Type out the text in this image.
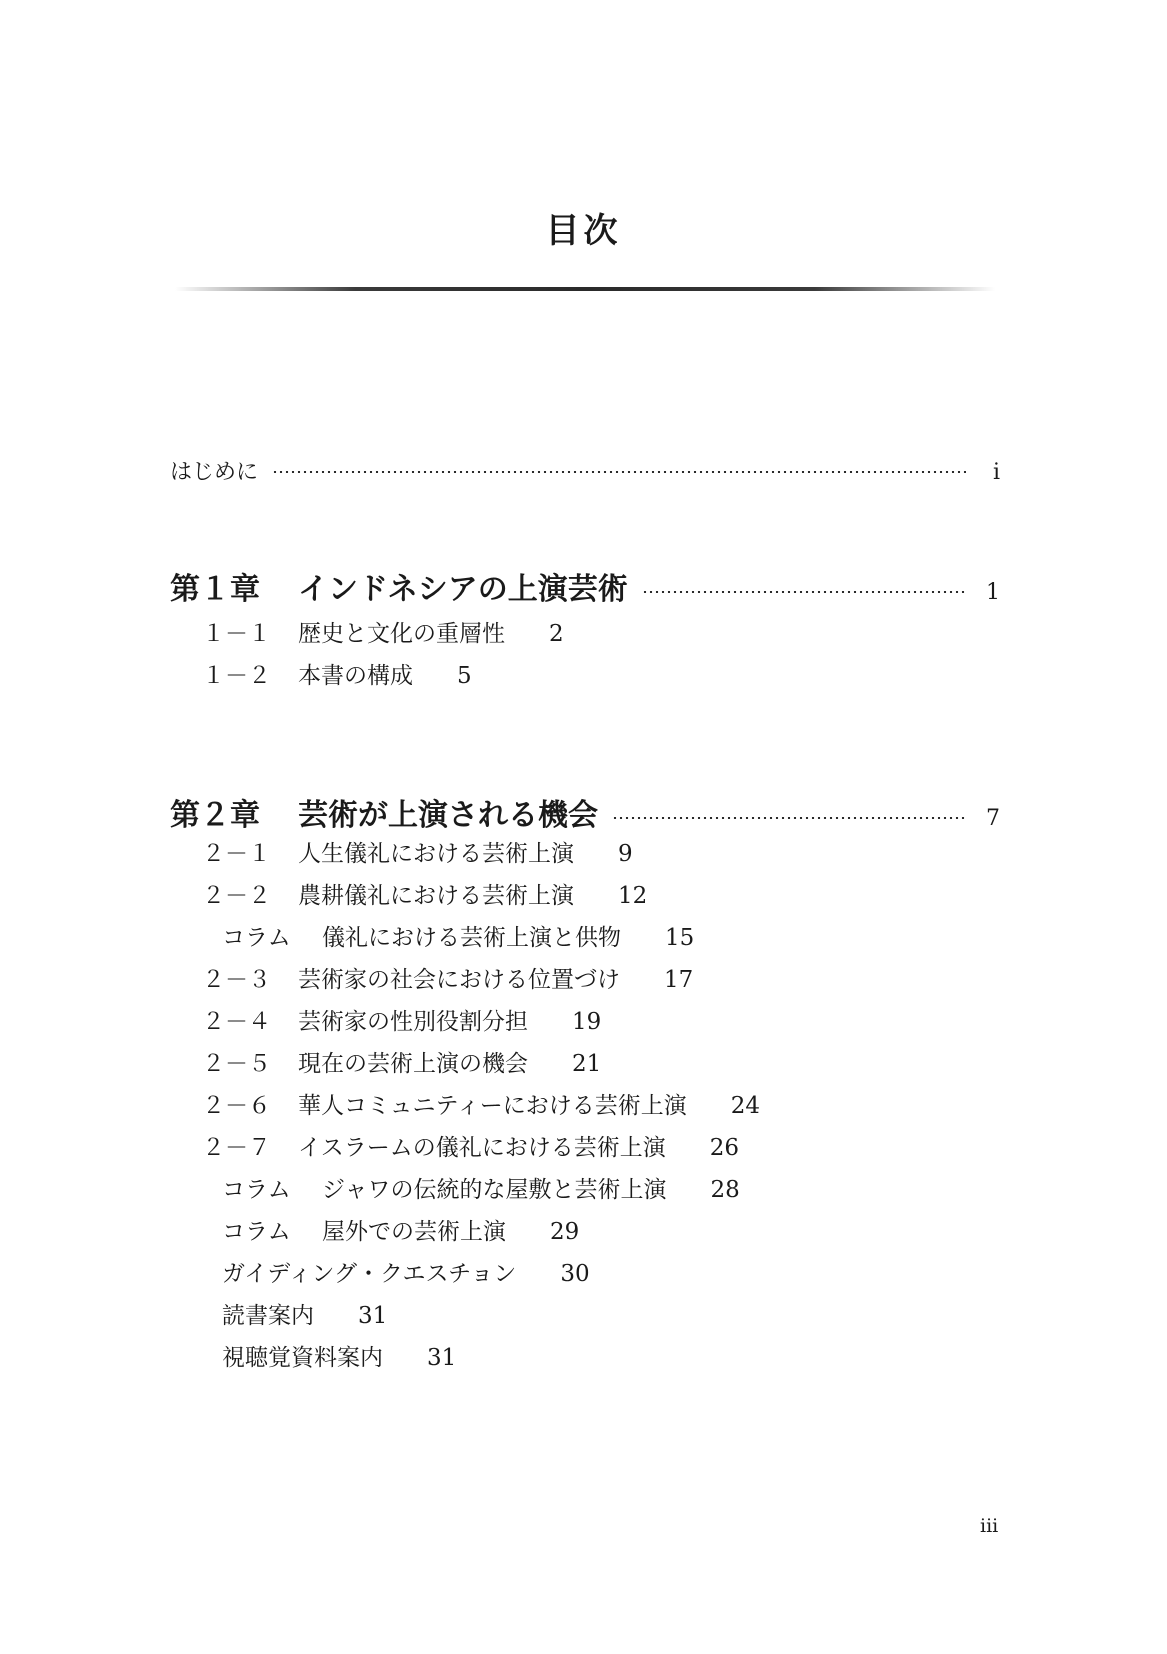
目次
はじめに	i
第１章	インドネシアの上演芸術	1
１－１	歴史と文化の重層性 2
１－２	本書の構成 5
第２章	芸術が上演される機会	7
２－１	人生儀礼における芸術上演 9
２－２	農耕儀礼における芸術上演 12
コラム	儀礼における芸術上演と供物 15
２－３	芸術家の社会における位置づけ 17
２－４	芸術家の性別役割分担 19
２－５	現在の芸術上演の機会 21
２－６	華人コミュニティーにおける芸術上演 24
２－７	イスラームの儀礼における芸術上演 26
コラム	ジャワの伝統的な屋敷と芸術上演 28
コラム	屋外での芸術上演 29
ガイディング・クエスチョン 30
読書案内 31
視聴覚資料案内 31
iii
